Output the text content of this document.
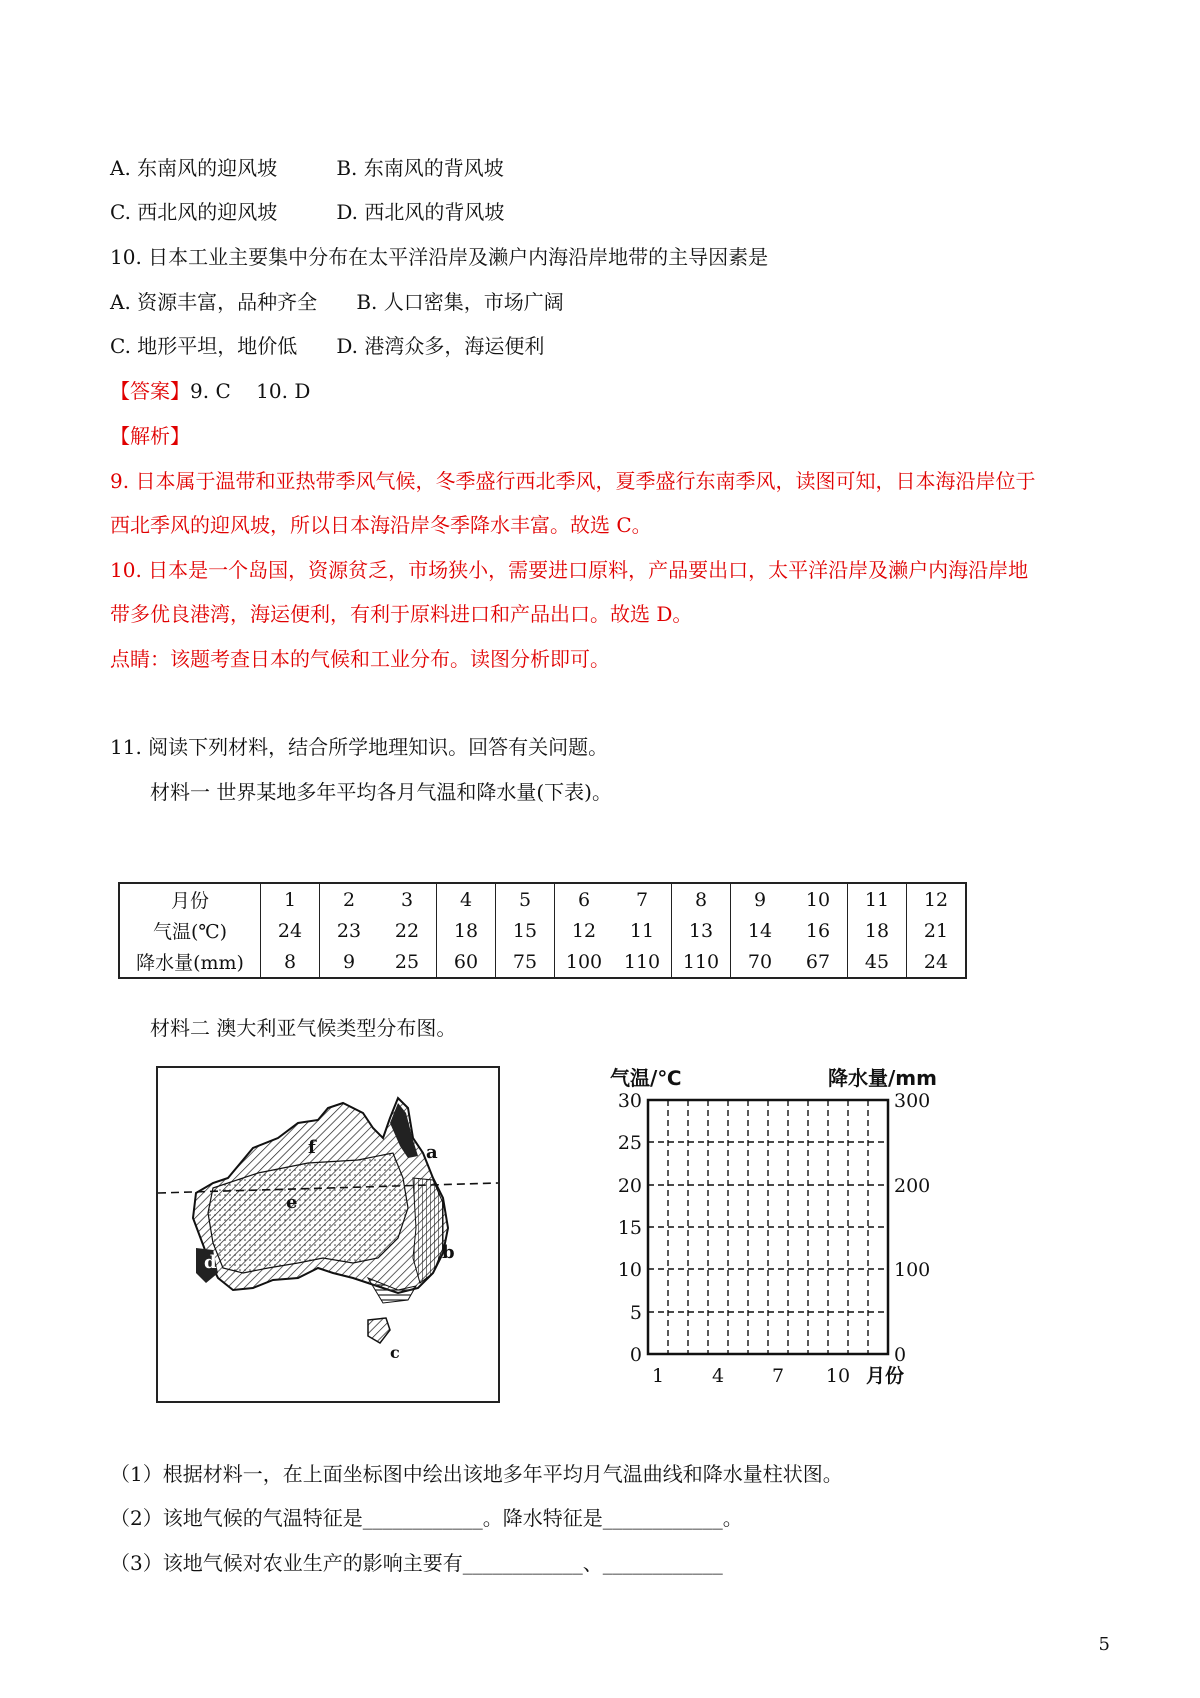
A. 东南风的迎风坡	B. 东南风的背风坡
C. 西北风的迎风坡	D. 西北风的背风坡
10. 日本工业主要集中分布在太平洋沿岸及濑户内海沿岸地带的主导因素是
A. 资源丰富，品种齐全 B. 人口密集，市场广阔
C. 地形平坦，地价低 D. 港湾众多，海运便利
【答案】9. C    10. D
【解析】
9. 日本属于温带和亚热带季风气候，冬季盛行西北季风，夏季盛行东南季风，读图可知，日本海沿岸位于
西北季风的迎风坡，所以日本海沿岸冬季降水丰富。故选 C。
10. 日本是一个岛国，资源贫乏，市场狭小，需要进口原料，产品要出口，太平洋沿岸及濑户内海沿岸地
带多优良港湾，海运便利，有利于原料进口和产品出口。故选 D。
点睛：该题考查日本的气候和工业分布。读图分析即可。
11. 阅读下列材料，结合所学地理知识。回答有关问题。
材料一 世界某地多年平均各月气温和降水量(下表)。
月份	1	2	3	4	5	6	7	8	9	10	11	12
气温(℃)	24	23	22	18	15	12	11	13	14	16	18	21
降水量(mm)	8	9	25	60	75	100	110	110	70	67	45	24
材料二 澳大利亚气候类型分布图。
f	a
e
b
d
c
气温/℃	降水量/mm
30
25
20
15
10
5
0
300
200
100
0
1	4	7 10 月份
（1）根据材料一，在上面坐标图中绘出该地多年平均月气温曲线和降水量柱状图。
（2）该地气候的气温特征是____________。降水特征是____________。
（3）该地气候对农业生产的影响主要有____________、____________
5
